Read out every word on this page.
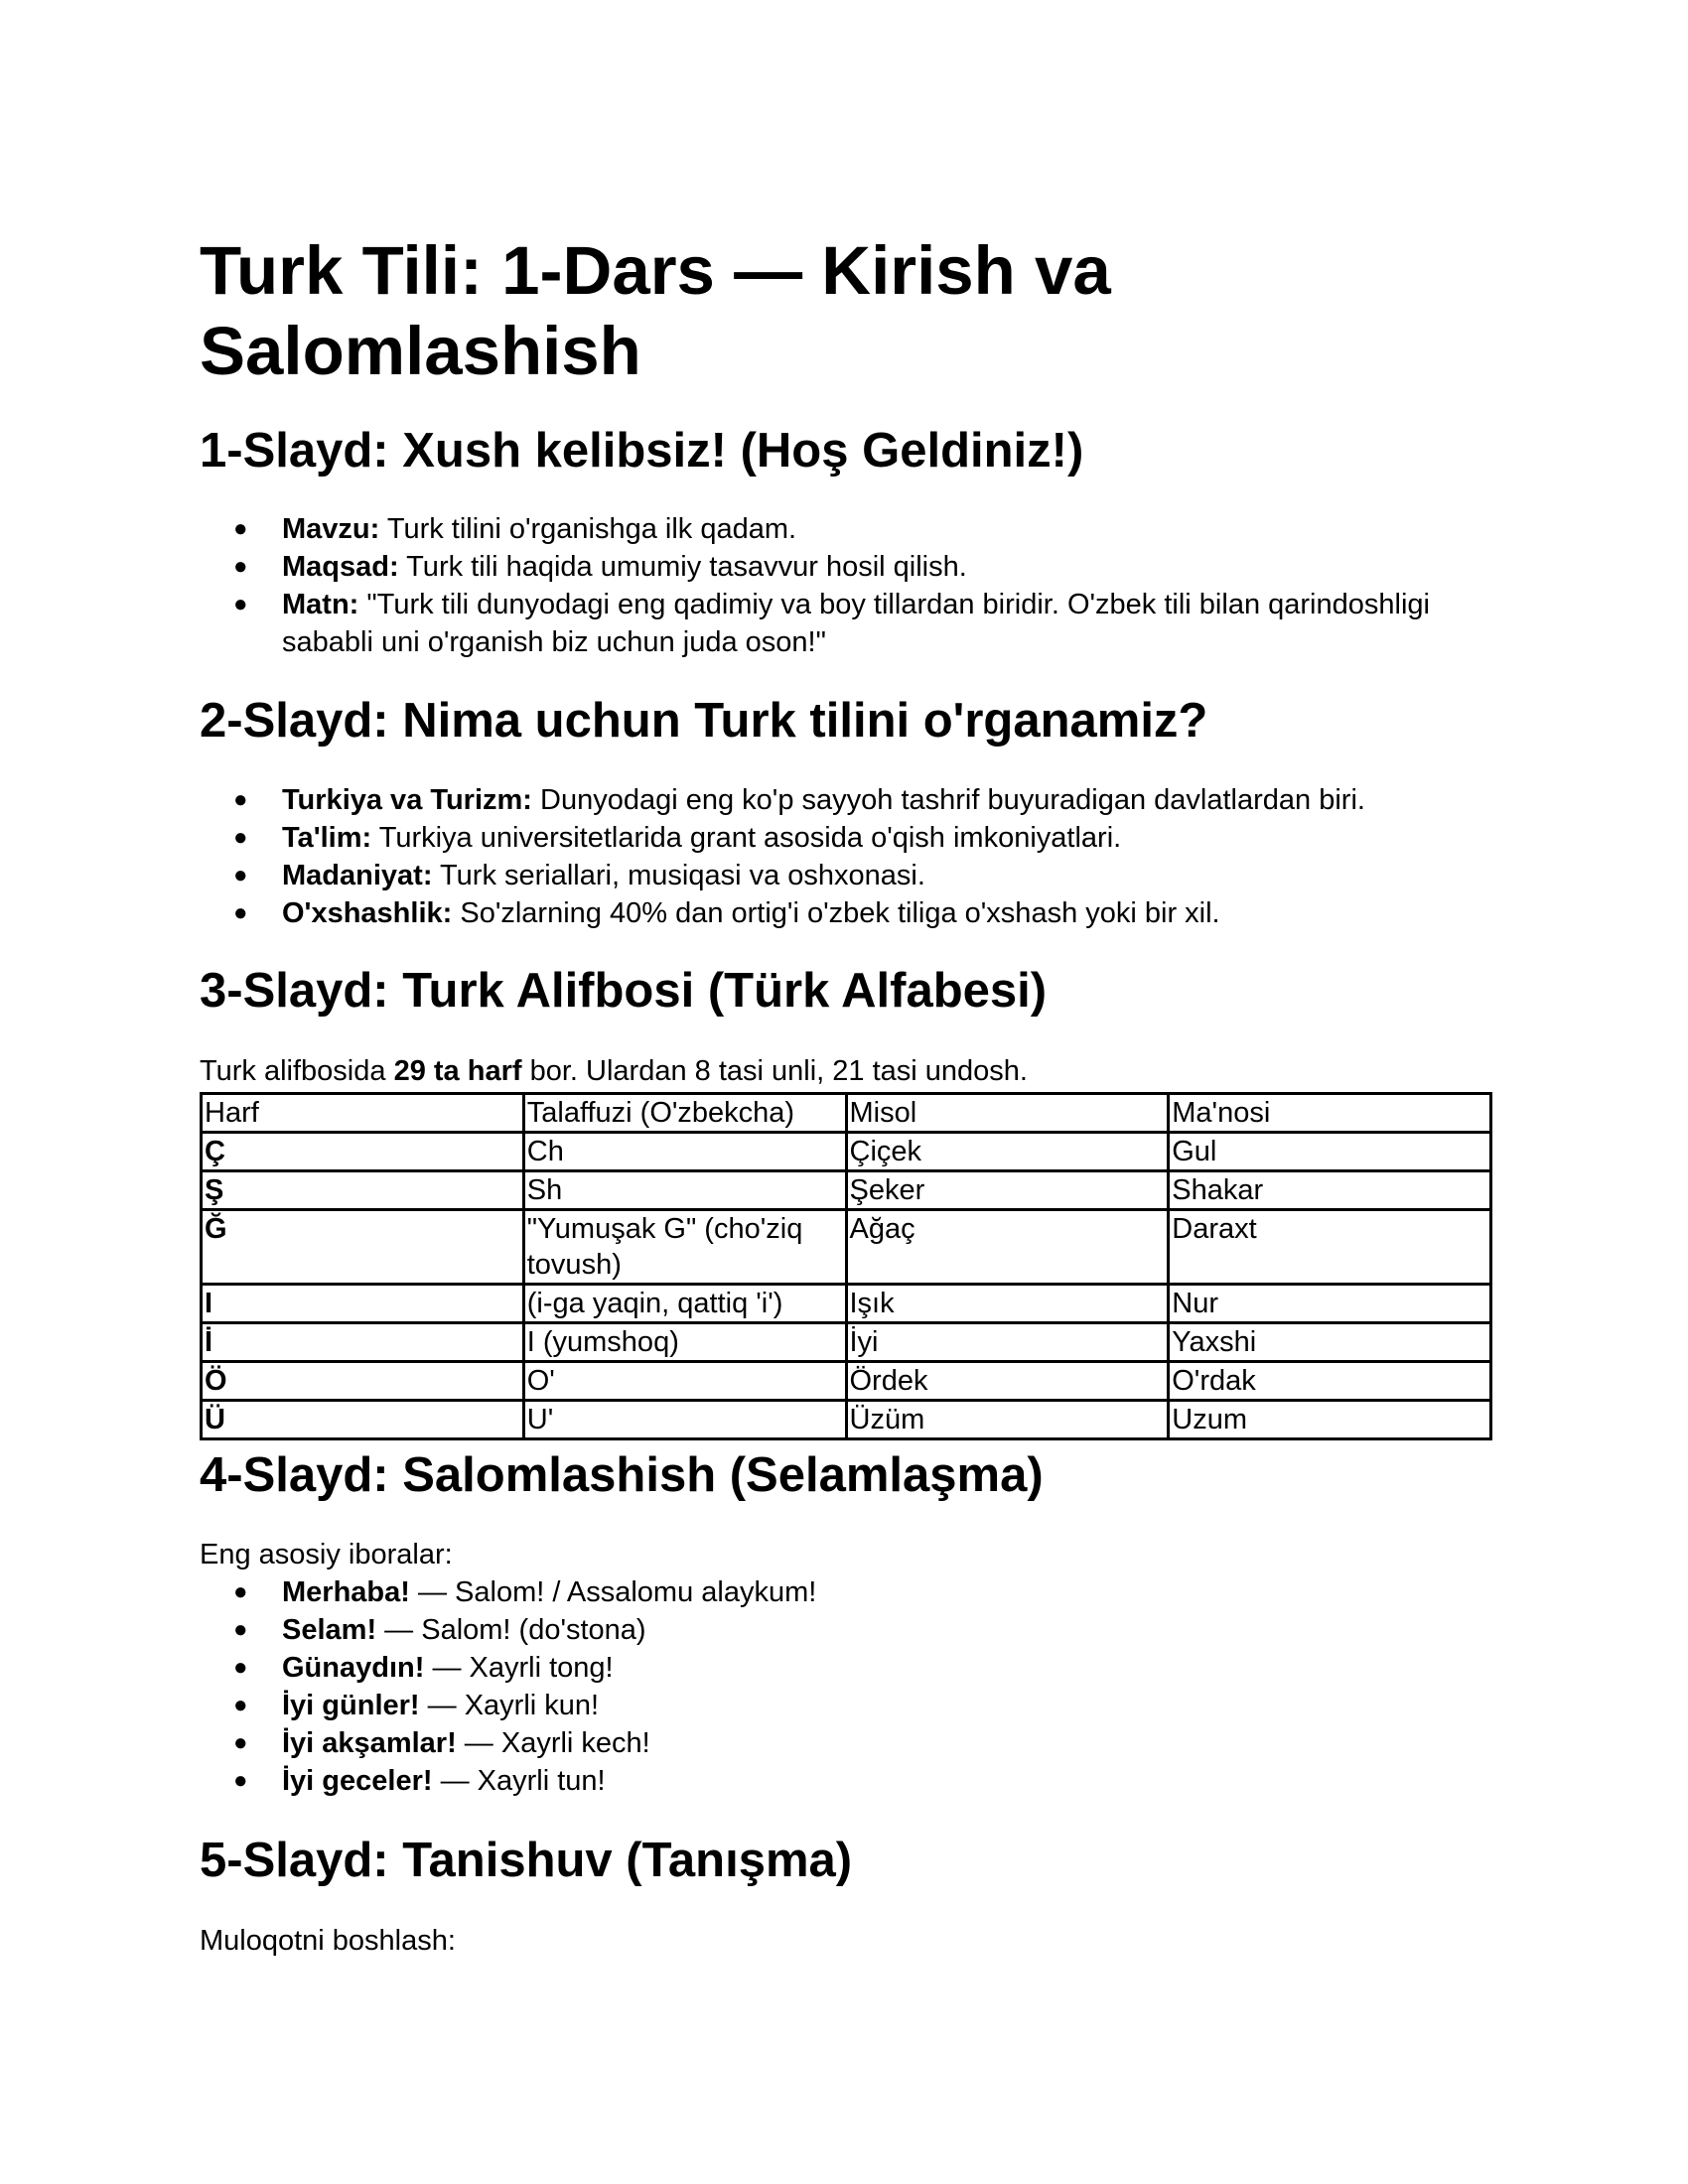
Turk Tili: 1-Dars — Kirish va Salomlashish
1-Slayd: Xush kelibsiz! (Hoş Geldiniz!)
● Mavzu: Turk tilini o'rganishga ilk qadam.
● Maqsad: Turk tili haqida umumiy tasavvur hosil qilish.
● Matn: "Turk tili dunyodagi eng qadimiy va boy tillardan biridir. O'zbek tili bilan qarindoshligi sababli uni o'rganish biz uchun juda oson!"
2-Slayd: Nima uchun Turk tilini o'rganamiz?
● Turkiya va Turizm: Dunyodagi eng ko'p sayyoh tashrif buyuradigan davlatlardan biri.
● Ta'lim: Turkiya universitetlarida grant asosida o'qish imkoniyatlari.
● Madaniyat: Turk seriallari, musiqasi va oshxonasi.
● O'xshashlik: So'zlarning 40% dan ortig'i o'zbek tiliga o'xshash yoki bir xil.
3-Slayd: Turk Alifbosi (Türk Alfabesi)

Turk alifbosida 29 ta harf bor. Ulardan 8 tasi unli, 21 tasi undosh.

Harf	Talaffuzi (O'zbekcha)	Misol	Ma'nosi
Ç	Ch	Çiçek	Gul
Ş	Sh	Şeker	Shakar
Ğ	"Yumuşak G" (cho'ziq tovush)	Ağaç	Daraxt
I	(i-ga yaqin, qattiq 'i')	Işık	Nur
İ	I (yumshoq)	İyi	Yaxshi
Ö	O'	Ördek	O'rdak
Ü	U'	Üzüm	Uzum
4-Slayd: Salomlashish (Selamlaşma)

Eng asosiy iboralar:

● Merhaba! — Salom! / Assalomu alaykum!
● Selam! — Salom! (do'stona)
● Günaydın! — Xayrli tong!
● İyi günler! — Xayrli kun!
● İyi akşamlar! — Xayrli kech!
● İyi geceler! — Xayrli tun!
5-Slayd: Tanishuv (Tanışma)

Muloqotni boshlash:
